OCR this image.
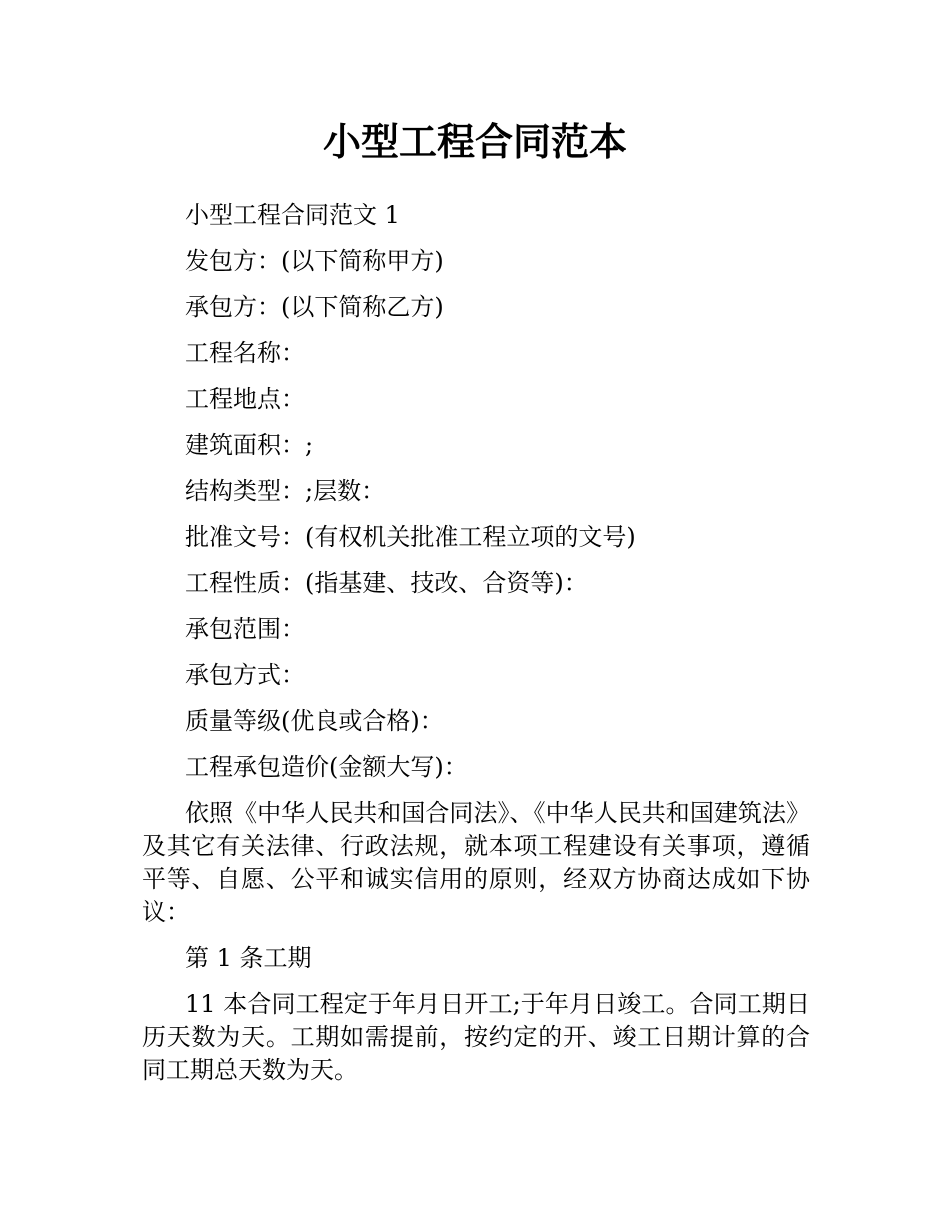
小型工程合同范本

小型工程合同范文 1

发包方：(以下简称甲方)

承包方：(以下简称乙方)

工程名称：

工程地点：

建筑面积：;

结构类型：;层数：

批准文号：(有权机关批准工程立项的文号)

工程性质：(指基建、技改、合资等)：

承包范围：

承包方式：

质量等级(优良或合格)：

工程承包造价(金额大写)：

依照《中华人民共和国合同法》、《中华人民共和国建筑法》及其它有关法律、行政法规，就本项工程建设有关事项，遵循平等、自愿、公平和诚实信用的原则，经双方协商达成如下协议：

第 1 条工期

11 本合同工程定于年月日开工;于年月日竣工。合同工期日历天数为天。工期如需提前，按约定的开、竣工日期计算的合同工期总天数为天。
